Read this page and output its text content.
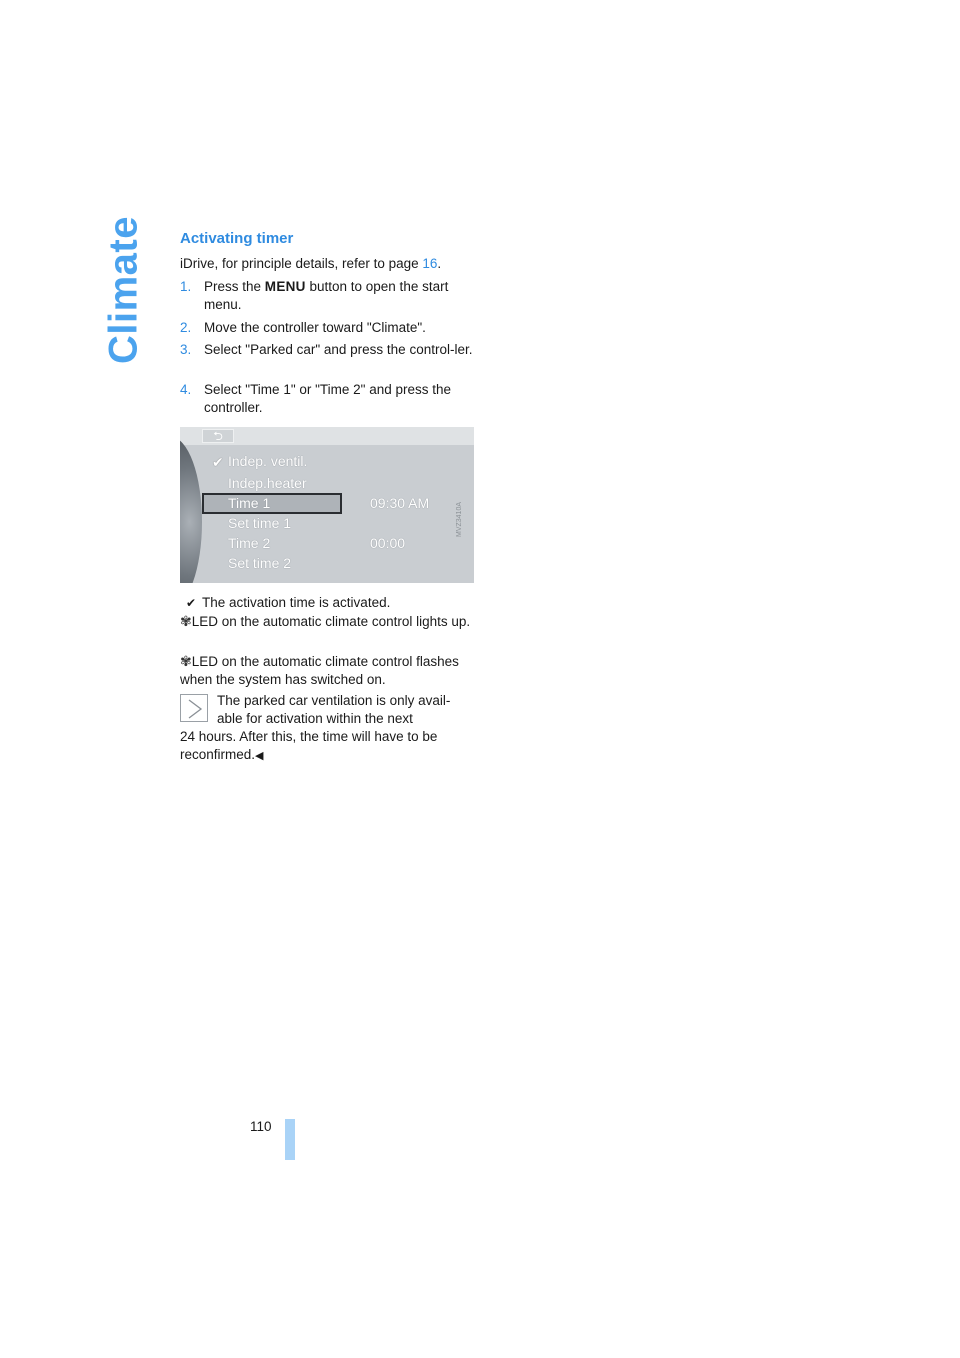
Climate Activating timer
iDrive, for principle details, refer to page 16.
1. Press the MENU button to open the start menu.
2. Move the controller toward "Climate".
3. Select "Parked car" and press the control-ler.
4. Select "Time 1" or "Time 2" and press the controller.
⮌
✔ Indep. ventil.
Indep.heater
Time 1	09:30 AM
Set time 1
Time 2	00:00
Set time 2
MVZ3410A
✔ The activation time is activated.
✾LED on the automatic climate control lights up.
✾LED on the automatic climate control flashes when the system has switched on.
The parked car ventilation is only avail-
able for activation within the next
24 hours. After this, the time will have to be
reconfirmed.◀
110
